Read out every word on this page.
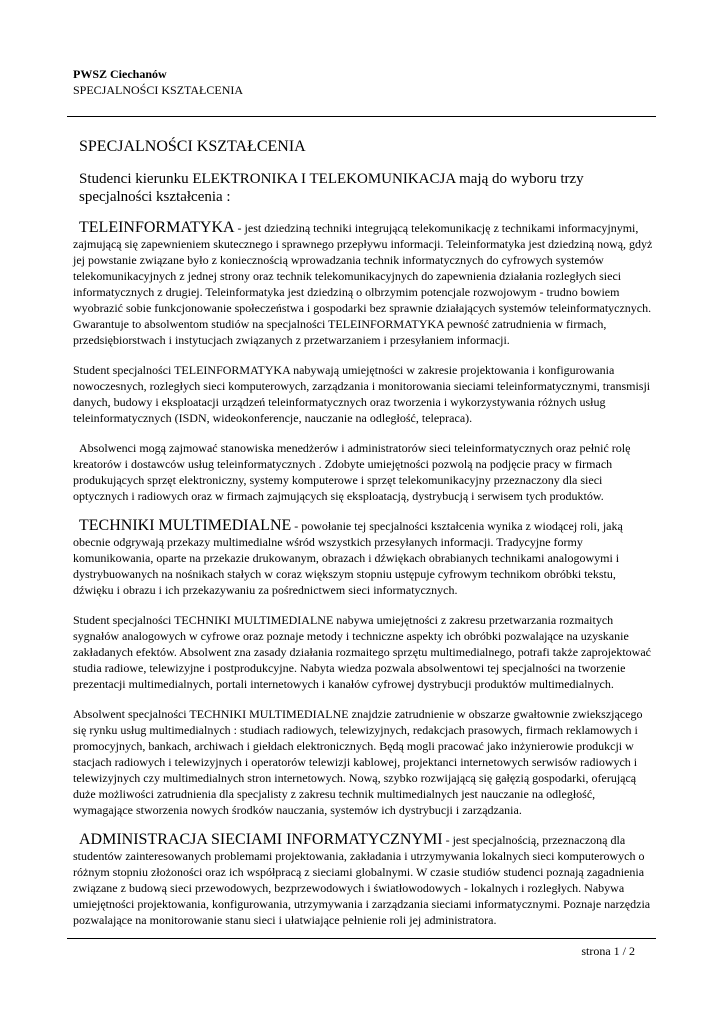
PWSZ Ciechanów
SPECJALNOŚCI KSZTAŁCENIA
SPECJALNOŚCI KSZTAŁCENIA
Studenci kierunku ELEKTRONIKA I TELEKOMUNIKACJA mają do wyboru trzy specjalności kształcenia :
TELEINFORMATYKA - jest dziedziną techniki integrującą telekomunikację z technikami informacyjnymi, zajmującą się zapewnieniem skutecznego i sprawnego przepływu informacji. Teleinformatyka jest dziedziną nową, gdyż jej powstanie związane było z koniecznością wprowadzania technik informatycznych do cyfrowych systemów telekomunikacyjnych z jednej strony oraz technik telekomunikacyjnych do zapewnienia działania rozległych sieci informatycznych z drugiej. Teleinformatyka jest dziedziną o olbrzymim potencjale rozwojowym - trudno bowiem wyobrazić sobie funkcjonowanie społeczeństwa i gospodarki bez sprawnie działających systemów teleinformatycznych. Gwarantuje to absolwentom studiów na specjalności TELEINFORMATYKA pewność zatrudnienia w firmach, przedsiębiorstwach i instytucjach związanych z przetwarzaniem i przesyłaniem informacji.
Student specjalności TELEINFORMATYKA nabywają umiejętności w zakresie projektowania i konfigurowania nowoczesnych, rozległych sieci komputerowych, zarządzania i monitorowania sieciami teleinformatycznymi, transmisji danych, budowy i eksploatacji urządzeń teleinformatycznych oraz tworzenia i wykorzystywania różnych usług teleinformatycznych (ISDN, wideokonferencje, nauczanie na odległość, telepraca).
Absolwenci mogą zajmować stanowiska menedżerów i administratorów sieci teleinformatycznych oraz pełnić rolę kreatorów i dostawców usług teleinformatycznych . Zdobyte umiejętności pozwolą na podjęcie pracy w firmach produkujących sprzęt elektroniczny, systemy komputerowe i sprzęt telekomunikacyjny przeznaczony dla sieci optycznych i radiowych oraz w firmach zajmujących się eksploatacją, dystrybucją i serwisem tych produktów.
TECHNIKI MULTIMEDIALNE - powołanie tej specjalności kształcenia wynika z wiodącej roli, jaką obecnie odgrywają przekazy multimedialne wśród wszystkich przesyłanych informacji. Tradycyjne formy komunikowania, oparte na przekazie drukowanym, obrazach i dźwiękach obrabianych technikami analogowymi i dystrybuowanych na nośnikach stałych w coraz większym stopniu ustępuje cyfrowym technikom obróbki tekstu, dźwięku i obrazu i ich przekazywaniu za pośrednictwem sieci informatycznych.
Student specjalności TECHNIKI MULTIMEDIALNE nabywa umiejętności z zakresu przetwarzania rozmaitych sygnałów analogowych w cyfrowe oraz poznaje metody i techniczne aspekty ich obróbki pozwalające na uzyskanie zakładanych efektów. Absolwent zna zasady działania rozmaitego sprzętu multimedialnego, potrafi także zaprojektować studia radiowe, telewizyjne i postprodukcyjne. Nabyta wiedza pozwala absolwentowi tej specjalności na tworzenie prezentacji multimedialnych, portali internetowych i kanałów cyfrowej dystrybucji produktów multimedialnych.
Absolwent specjalności TECHNIKI MULTIMEDIALNE znajdzie zatrudnienie w obszarze gwałtownie zwiekszjącego się rynku usług multimedialnych : studiach radiowych, telewizyjnych, redakcjach prasowych, firmach reklamowych i promocyjnych, bankach, archiwach i giełdach elektronicznych. Będą mogli pracować jako inżynierowie produkcji w stacjach radiowych i telewizyjnych i operatorów telewizji kablowej, projektanci internetowych serwisów radiowych i telewizyjnych czy multimedialnych stron internetowych. Nową, szybko rozwijającą się gałęzią gospodarki, oferującą duże możliwości zatrudnienia dla specjalisty z zakresu technik multimedialnych jest nauczanie na odległość, wymagające stworzenia nowych środków nauczania, systemów ich dystrybucji i zarządzania.
ADMINISTRACJA SIECIAMI INFORMATYCZNYMI - jest specjalnością, przeznaczoną dla studentów zainteresowanych problemami projektowania, zakładania i utrzymywania lokalnych sieci komputerowych o różnym stopniu złożoności oraz ich współpracą z sieciami globalnymi. W czasie studiów studenci poznają zagadnienia związane z budową sieci przewodowych, bezprzewodowych i światłowodowych - lokalnych i rozległych. Nabywa umiejętności projektowania, konfigurowania, utrzymywania i zarządzania sieciami informatycznymi. Poznaje narzędzia pozwalające na monitorowanie stanu sieci i ułatwiające pełnienie roli jej administratora.
strona 1 / 2
